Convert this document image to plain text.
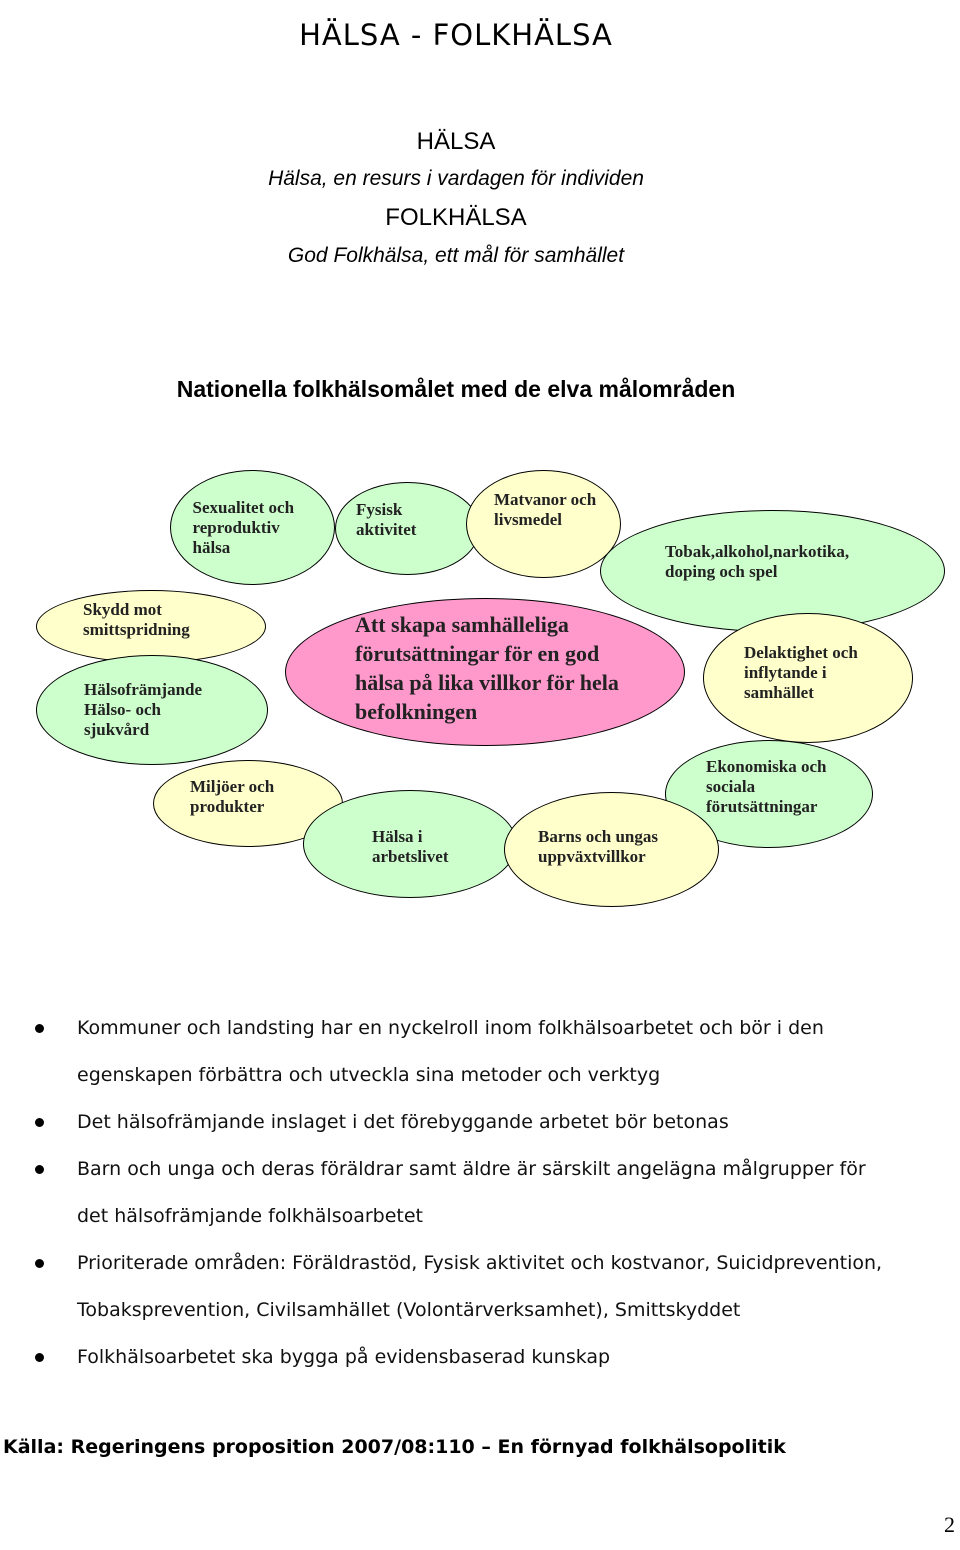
HÄLSA - FOLKHÄLSA
HÄLSA
Hälsa, en resurs i vardagen för individen
FOLKHÄLSA
God Folkhälsa, ett mål för samhället
Nationella folkhälsomålet med de elva målområden
Sexualitet och reproduktiv hälsa
Fysisk aktivitet
Matvanor och livsmedel
Tobak,alkohol,narkotika, doping och spel
Skydd mot smittspridning
Hälsofrämjande Hälso- och sjukvård
Att skapa samhälleliga förutsättningar för en god hälsa på lika villkor för hela befolkningen
Delaktighet och inflytande i samhället
Ekonomiska och sociala förutsättningar
Miljöer och produkter
Hälsa i arbetslivet
Barns och ungas uppväxtvillkor
Kommuner och landsting har en nyckelroll inom folkhälsoarbetet och bör i den
egenskapen förbättra och utveckla sina metoder och verktyg
Det hälsofrämjande inslaget i det förebyggande arbetet bör betonas
Barn och unga och deras föräldrar samt äldre är särskilt angelägna målgrupper för
det hälsofrämjande folkhälsoarbetet
Prioriterade områden: Föräldrastöd, Fysisk aktivitet och kostvanor, Suicidprevention,
Tobaksprevention, Civilsamhället (Volontärverksamhet), Smittskyddet
Folkhälsoarbetet ska bygga på evidensbaserad kunskap
Källa: Regeringens proposition 2007/08:110 – En förnyad folkhälsopolitik
2
